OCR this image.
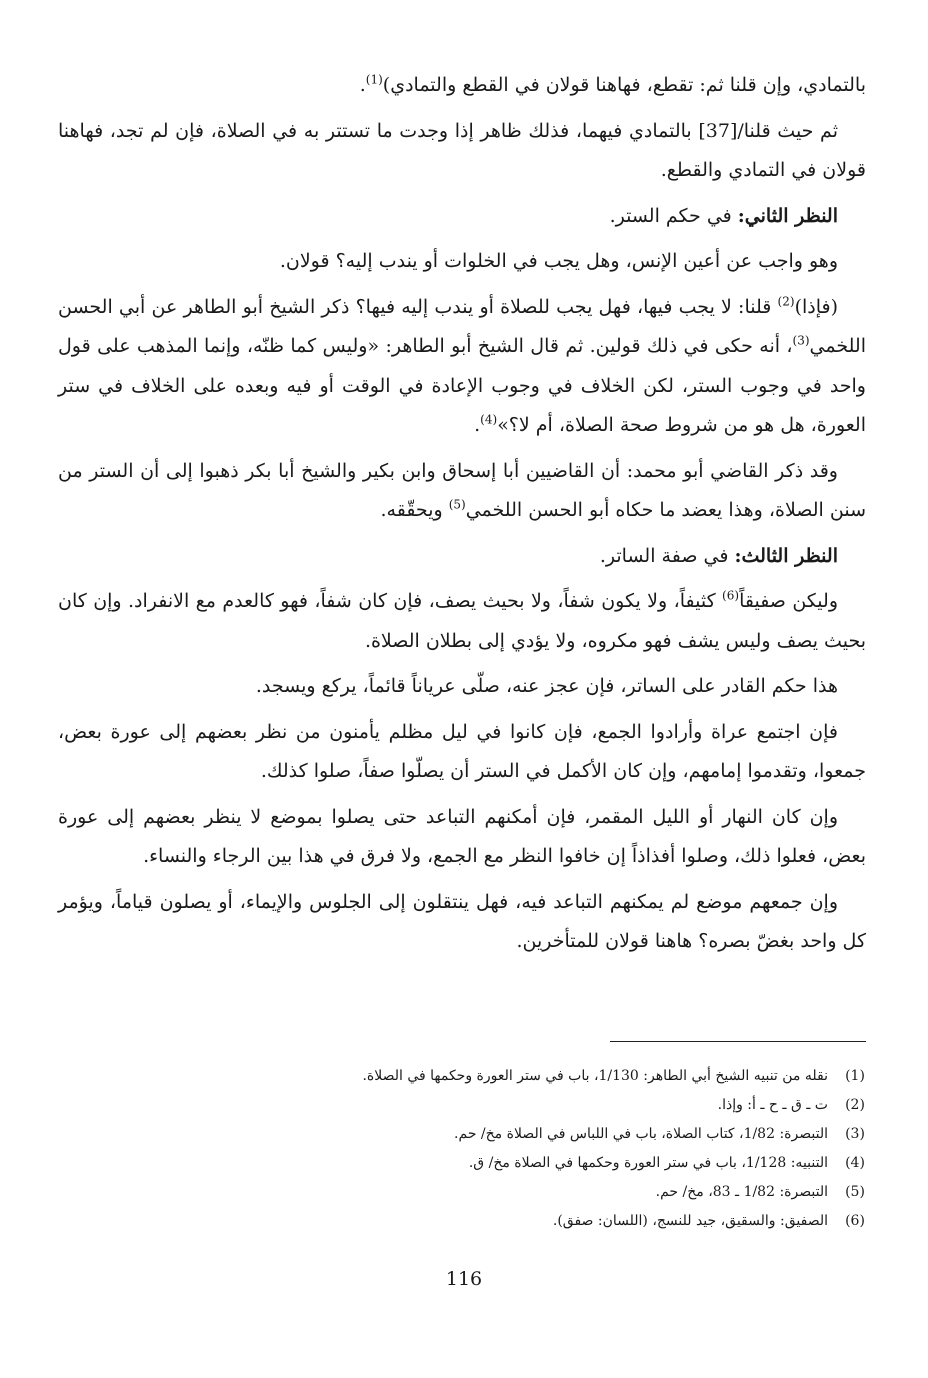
بالتمادي، وإن قلنا ثم: تقطع، فهاهنا قولان في القطع والتمادي)$^{(1)}$.

ثم حيث قلنا/[37] بالتمادي فيهما، فذلك ظاهر إذا وجدت ما تستتر به في الصلاة، فإن لم تجد، فهاهنا قولان في التمادي والقطع.

النظر الثاني: في حكم الستر.

وهو واجب عن أعين الإنس، وهل يجب في الخلوات أو يندب إليه؟ قولان.

(فإذا)$^{(2)}$ قلنا: لا يجب فيها، فهل يجب للصلاة أو يندب إليه فيها؟ ذكر الشيخ أبو الطاهر عن أبي الحسن اللخمي$^{(3)}$، أنه حكى في ذلك قولين. ثم قال الشيخ أبو الطاهر: «وليس كما ظنّه، وإنما المذهب على قول واحد في وجوب الستر، لكن الخلاف في وجوب الإعادة في الوقت أو فيه وبعده على الخلاف في ستر العورة، هل هو من شروط صحة الصلاة، أم لا؟»$^{(4)}$.

وقد ذكر القاضي أبو محمد: أن القاضيين أبا إسحاق وابن بكير والشيخ أبا بكر ذهبوا إلى أن الستر من سنن الصلاة، وهذا يعضد ما حكاه أبو الحسن اللخمي$^{(5)}$ ويحقّقه.

النظر الثالث: في صفة الساتر.

وليكن صفيقاً$^{(6)}$ كثيفاً، ولا يكون شفاً، ولا بحيث يصف، فإن كان شفاً، فهو كالعدم مع الانفراد. وإن كان بحيث يصف وليس يشف فهو مكروه، ولا يؤدي إلى بطلان الصلاة.

هذا حكم القادر على الساتر، فإن عجز عنه، صلّى عرياناً قائماً، يركع ويسجد.

فإن اجتمع عراة وأرادوا الجمع، فإن كانوا في ليل مظلم يأمنون من نظر بعضهم إلى عورة بعض، جمعوا، وتقدموا إمامهم، وإن كان الأكمل في الستر أن يصلّوا صفاً، صلوا كذلك.

وإن كان النهار أو الليل المقمر، فإن أمكنهم التباعد حتى يصلوا بموضع لا ينظر بعضهم إلى عورة بعض، فعلوا ذلك، وصلوا أفذاذاً إن خافوا النظر مع الجمع، ولا فرق في هذا بين الرجاء والنساء.

وإن جمعهم موضع لم يمكنهم التباعد فيه، فهل ينتقلون إلى الجلوس والإيماء، أو يصلون قياماً، ويؤمر كل واحد بغضّ بصره؟ هاهنا قولان للمتأخرين.

(1)
نقله من تنبيه الشيخ أبي الطاهر: 1/130، باب في ستر العورة وحكمها في الصلاة.
(2)
ت ـ ق ـ ح ـ أ: وإذا.
(3)
التبصرة: 1/82، كتاب الصلاة، باب في اللباس في الصلاة مخ/ حم.
(4)
التنبيه: 1/128، باب في ستر العورة وحكمها في الصلاة مخ/ ق.
(5)
التبصرة: 1/82 ـ 83، مخ/ حم.
(6)
الصفيق: والسقيق، جيد للنسج، (اللسان: صفق).
116
